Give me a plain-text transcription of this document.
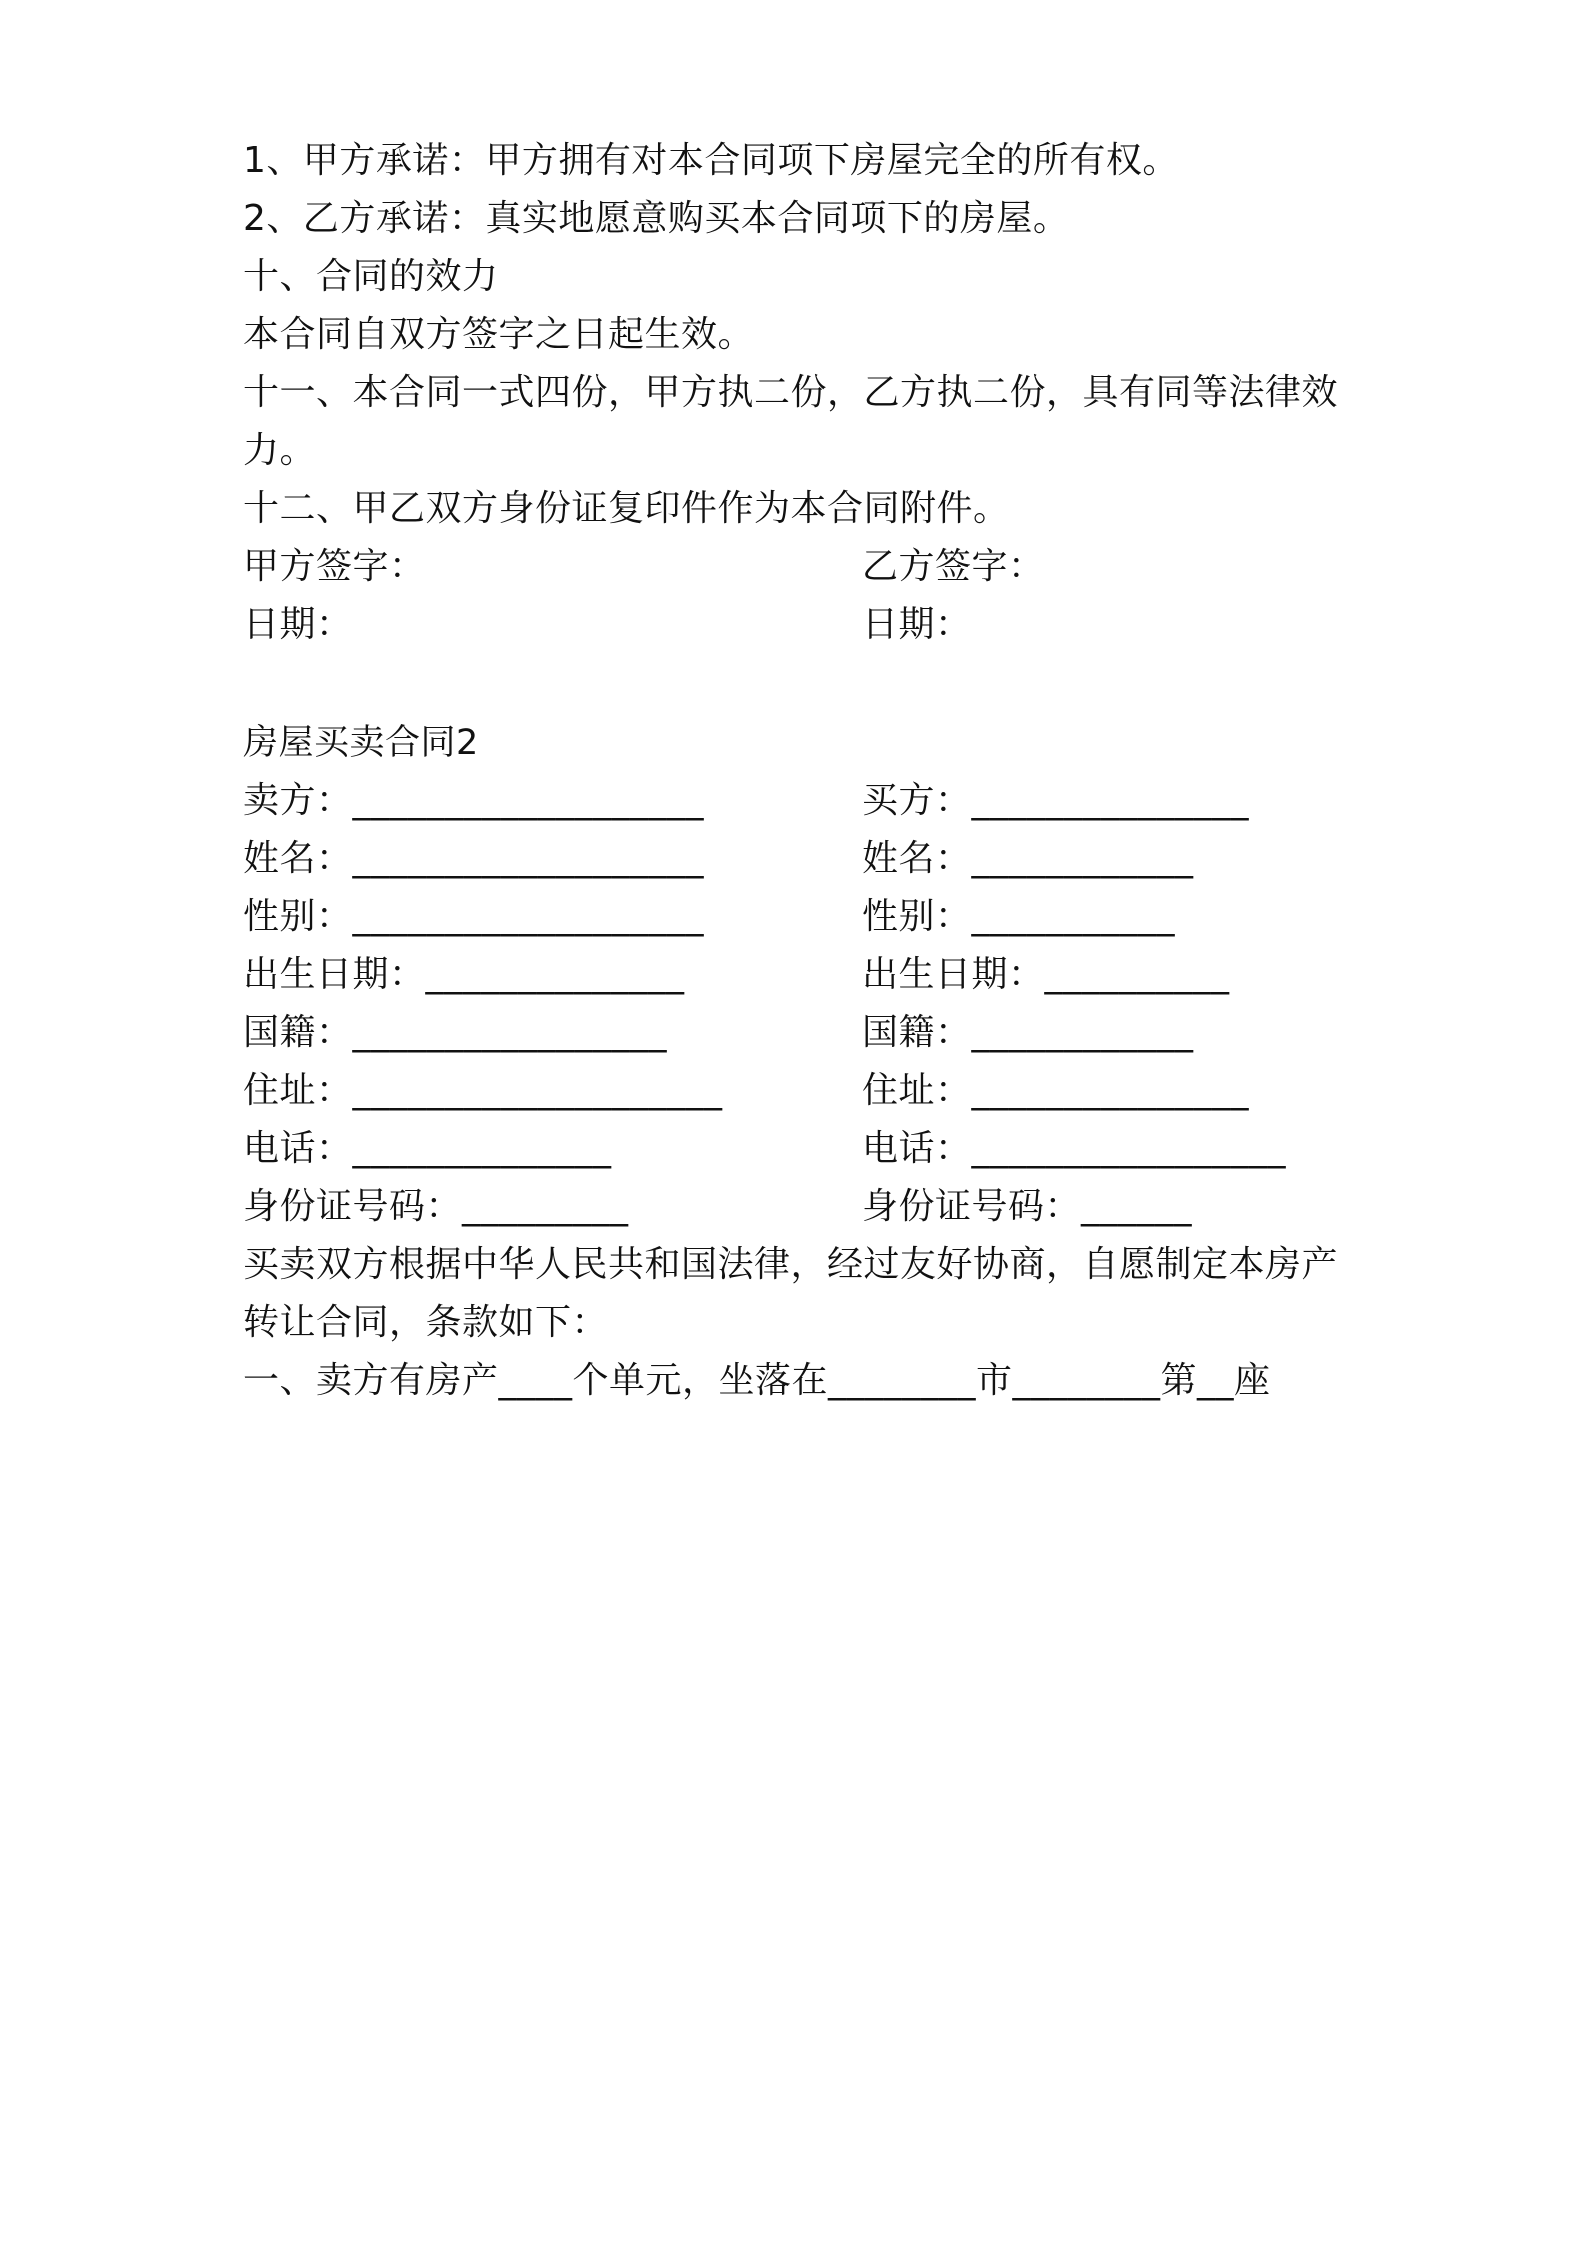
1、甲方承诺：甲方拥有对本合同项下房屋完全的所有权。
2、乙方承诺：真实地愿意购买本合同项下的房屋。
十、合同的效力
本合同自双方签字之日起生效。
十一、本合同一式四份，甲方执二份，乙方执二份，具有同等法律效
力。
十二、甲乙双方身份证复印件作为本合同附件。
甲方签字：	乙方签字：
日期：	日期：
房屋买卖合同2
卖方：___________________	买方：_______________
姓名：___________________	姓名：____________
性别：___________________	性别：___________
出生日期：______________	出生日期：__________
国籍：_________________	国籍：____________
住址：____________________	住址：_______________
电话：______________	电话：_________________
身份证号码：_________	身份证号码：______
买卖双方根据中华人民共和国法律，经过友好协商，自愿制定本房产
转让合同，条款如下：
一、卖方有房产____个单元，坐落在________市________第__座
